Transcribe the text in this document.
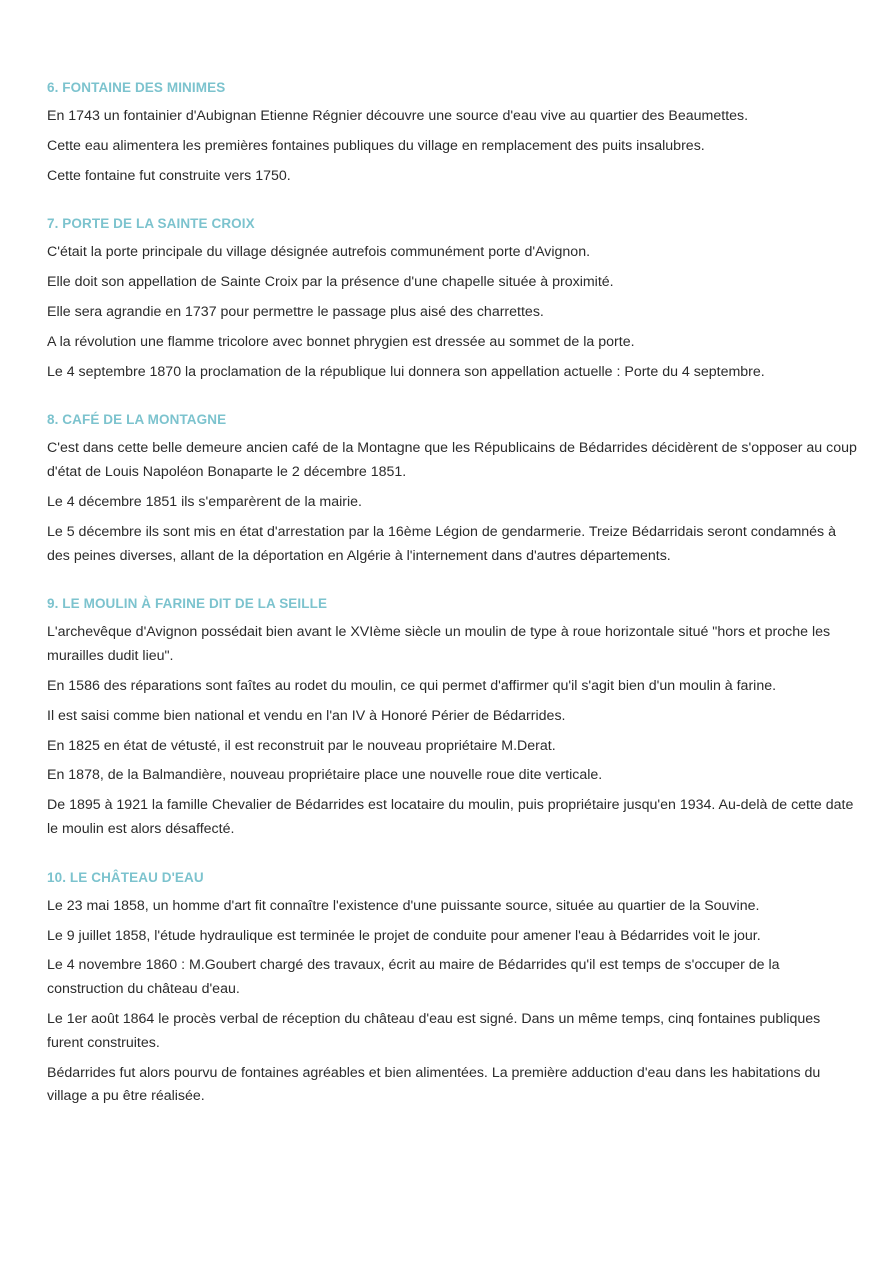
6. FONTAINE DES MINIMES

En 1743 un fontainier d'Aubignan Etienne Régnier découvre une source d'eau vive au quartier des Beaumettes.

Cette eau alimentera les premières fontaines publiques du village en remplacement des puits insalubres.

Cette fontaine fut construite vers 1750.

7. PORTE DE LA SAINTE CROIX

C'était la porte principale du village désignée autrefois communément porte d'Avignon.

Elle doit son appellation de Sainte Croix par la présence d'une chapelle située à proximité.

Elle sera agrandie en 1737 pour permettre le passage plus aisé des charrettes.

A la révolution une flamme tricolore avec bonnet phrygien est dressée au sommet de la porte.

Le 4 septembre 1870 la proclamation de la république lui donnera son appellation actuelle : Porte du 4 septembre.

8. CAFÉ DE LA MONTAGNE

C'est dans cette belle demeure ancien café de la Montagne que les Républicains de Bédarrides décidèrent de s'opposer au coup d'état de Louis Napoléon Bonaparte le 2 décembre 1851.

Le 4 décembre 1851 ils s'emparèrent de la mairie.

Le 5 décembre ils sont mis en état d'arrestation par la 16ème Légion de gendarmerie. Treize Bédarridais seront condamnés à des peines diverses, allant de la déportation en Algérie à l'internement dans d'autres départements.

9. LE MOULIN À FARINE DIT DE LA SEILLE

L'archevêque d'Avignon possédait bien avant le XVIème siècle un moulin de type à roue horizontale situé "hors et proche les murailles dudit lieu".

En 1586 des réparations sont faîtes au rodet du moulin, ce qui permet d'affirmer qu'il s'agit bien d'un moulin à farine.

Il est saisi comme bien national et vendu en l'an IV à Honoré Périer de Bédarrides.

En 1825 en état de vétusté, il est reconstruit par le nouveau propriétaire M.Derat.

En 1878, de la Balmandière, nouveau propriétaire place une nouvelle roue dite verticale.

De 1895 à 1921 la famille Chevalier de Bédarrides est locataire du moulin, puis propriétaire jusqu'en 1934. Au-delà de cette date le moulin est alors désaffecté.

10. LE CHÂTEAU D'EAU

Le 23 mai 1858, un homme d'art fit connaître l'existence d'une puissante source, située au quartier de la Souvine.

Le 9 juillet 1858, l'étude hydraulique est terminée le projet de conduite pour amener l'eau à Bédarrides voit le jour.

Le 4 novembre 1860 : M.Goubert chargé des travaux, écrit au maire de Bédarrides qu'il est temps de s'occuper de la construction du château d'eau.

Le 1er août 1864 le procès verbal de réception du château d'eau est signé. Dans un même temps, cinq fontaines publiques furent construites.

Bédarrides fut alors pourvu de fontaines agréables et bien alimentées. La première adduction d'eau dans les habitations du village a pu être réalisée.
